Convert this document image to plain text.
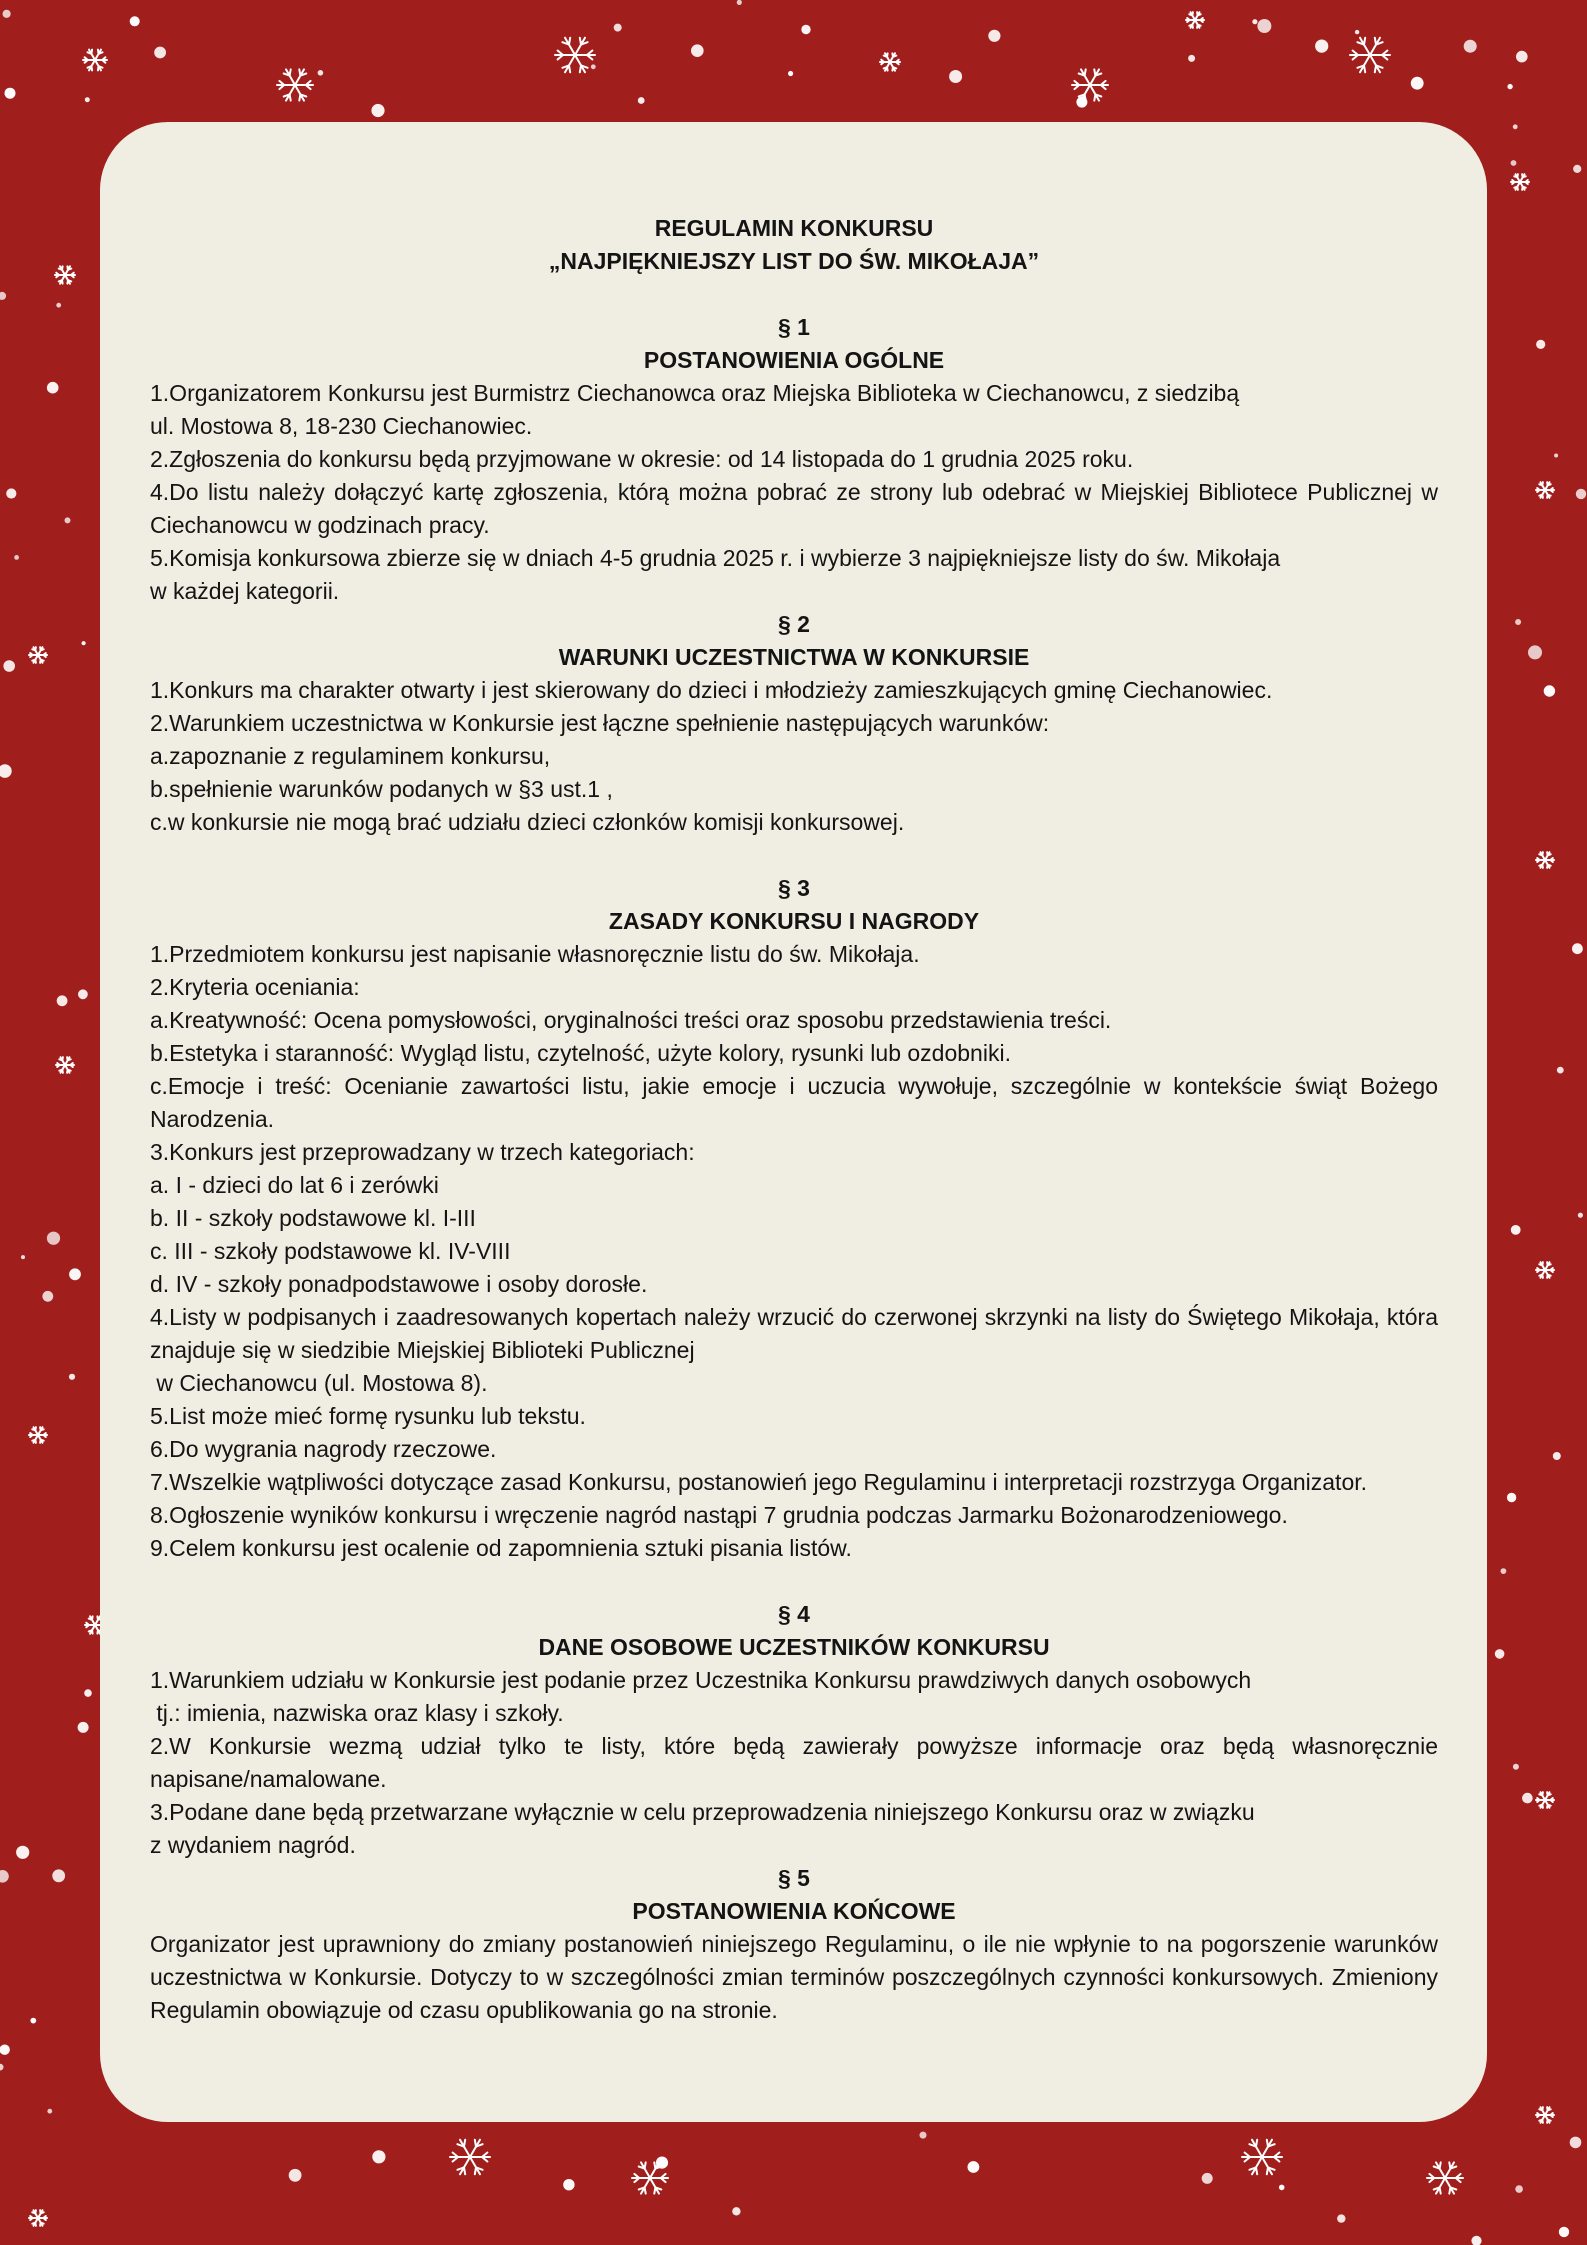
REGULAMIN KONKURSU

„NAJPIĘKNIEJSZY LIST DO ŚW. MIKOŁAJA”

§ 1

POSTANOWIENIA OGÓLNE

1.Organizatorem Konkursu jest Burmistrz Ciechanowca oraz Miejska Biblioteka w Ciechanowcu, z siedzibą

ul. Mostowa 8, 18-230 Ciechanowiec.

2.Zgłoszenia do konkursu będą przyjmowane w okresie: od 14 listopada do 1 grudnia 2025 roku.

4.Do listu należy dołączyć kartę zgłoszenia, którą można pobrać ze strony lub odebrać w Miejskiej Bibliotece Publicznej w Ciechanowcu w godzinach pracy.

5.Komisja konkursowa zbierze się w dniach 4-5 grudnia 2025 r. i wybierze 3 najpiękniejsze listy do św. Mikołaja

w każdej kategorii.

§ 2

WARUNKI UCZESTNICTWA W KONKURSIE

1.Konkurs ma charakter otwarty i jest skierowany do dzieci i młodzieży zamieszkujących gminę Ciechanowiec.

2.Warunkiem uczestnictwa w Konkursie jest łączne spełnienie następujących warunków:

a.zapoznanie z regulaminem konkursu,

b.spełnienie warunków podanych w §3 ust.1 ,

c.w konkursie nie mogą brać udziału dzieci członków komisji konkursowej.

§ 3

ZASADY KONKURSU I NAGRODY

1.Przedmiotem konkursu jest napisanie własnoręcznie listu do św. Mikołaja.

2.Kryteria oceniania:

a.Kreatywność: Ocena pomysłowości, oryginalności treści oraz sposobu przedstawienia treści.

b.Estetyka i staranność: Wygląd listu, czytelność, użyte kolory, rysunki lub ozdobniki.

c.Emocje i treść: Ocenianie zawartości listu, jakie emocje i uczucia wywołuje, szczególnie w kontekście świąt Bożego Narodzenia.

3.Konkurs jest przeprowadzany w trzech kategoriach:

a. I - dzieci do lat 6 i zerówki

b. II - szkoły podstawowe kl. I-III

c. III - szkoły podstawowe kl. IV-VIII

d. IV - szkoły ponadpodstawowe i osoby dorosłe.

4.Listy w podpisanych i zaadresowanych kopertach należy wrzucić do czerwonej skrzynki na listy do Świętego Mikołaja, która znajduje się w siedzibie Miejskiej Biblioteki Publicznej

w Ciechanowcu (ul. Mostowa 8).

5.List może mieć formę rysunku lub tekstu.

6.Do wygrania nagrody rzeczowe.

7.Wszelkie wątpliwości dotyczące zasad Konkursu, postanowień jego Regulaminu i interpretacji rozstrzyga Organizator.

8.Ogłoszenie wyników konkursu i wręczenie nagród nastąpi 7 grudnia podczas Jarmarku Bożonarodzeniowego.

9.Celem konkursu jest ocalenie od zapomnienia sztuki pisania listów.

§ 4

DANE OSOBOWE UCZESTNIKÓW KONKURSU

1.Warunkiem udziału w Konkursie jest podanie przez Uczestnika Konkursu prawdziwych danych osobowych

tj.: imienia, nazwiska oraz klasy i szkoły.

2.W Konkursie wezmą udział tylko te listy, które będą zawierały powyższe informacje oraz będą własnoręcznie napisane/namalowane.

3.Podane dane będą przetwarzane wyłącznie w celu przeprowadzenia niniejszego Konkursu oraz w związku

z wydaniem nagród.

§ 5

POSTANOWIENIA KOŃCOWE

Organizator jest uprawniony do zmiany postanowień niniejszego Regulaminu, o ile nie wpłynie to na pogorszenie warunków uczestnictwa w Konkursie. Dotyczy to w szczególności zmian terminów poszczególnych czynności konkursowych. Zmieniony Regulamin obowiązuje od czasu opublikowania go na stronie.
